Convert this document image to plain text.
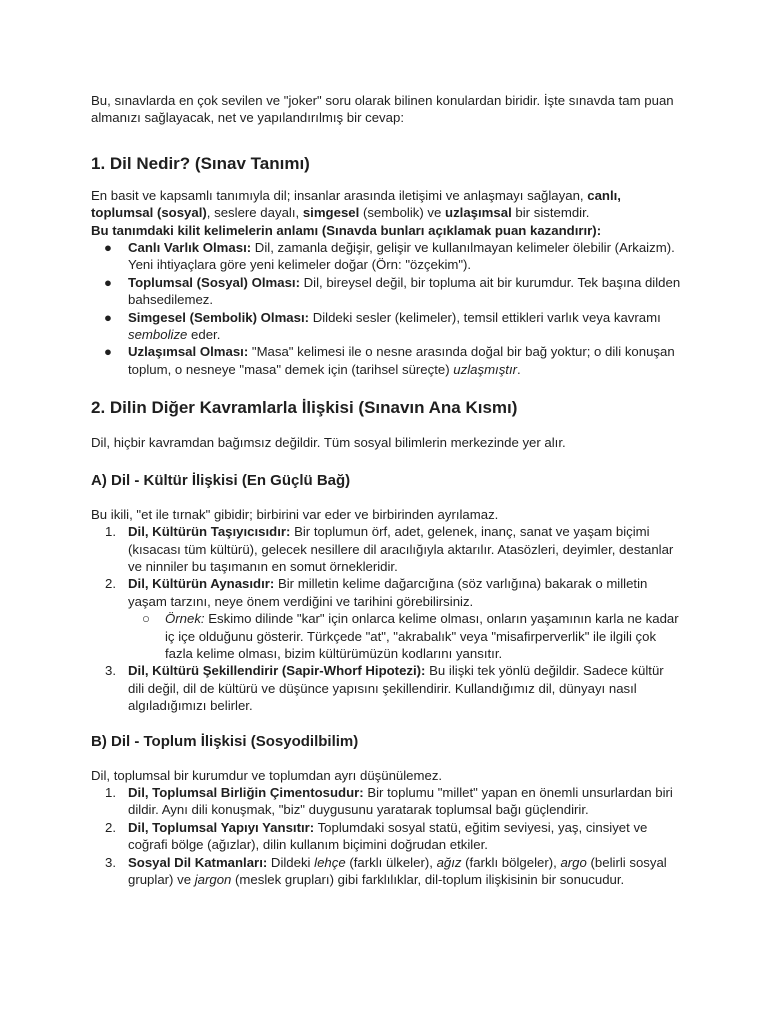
Bu, sınavlarda en çok sevilen ve "joker" soru olarak bilinen konulardan biridir. İşte sınavda tam puan almanızı sağlayacak, net ve yapılandırılmış bir cevap:

1. Dil Nedir? (Sınav Tanımı)

En basit ve kapsamlı tanımıyla dil; insanlar arasında iletişimi ve anlaşmayı sağlayan, canlı, toplumsal (sosyal), seslere dayalı, simgesel (sembolik) ve uzlaşımsal bir sistemdir.

Bu tanımdaki kilit kelimelerin anlamı (Sınavda bunları açıklamak puan kazandırır):

● Canlı Varlık Olması: Dil, zamanla değişir, gelişir ve kullanılmayan kelimeler ölebilir (Arkaizm). Yeni ihtiyaçlara göre yeni kelimeler doğar (Örn: "özçekim").
● Toplumsal (Sosyal) Olması: Dil, bireysel değil, bir topluma ait bir kurumdur. Tek başına dilden bahsedilemez.
● Simgesel (Sembolik) Olması: Dildeki sesler (kelimeler), temsil ettikleri varlık veya kavramı sembolize eder.
● Uzlaşımsal Olması: "Masa" kelimesi ile o nesne arasında doğal bir bağ yoktur; o dili konuşan toplum, o nesneye "masa" demek için (tarihsel süreçte) uzlaşmıştır.
2. Dilin Diğer Kavramlarla İlişkisi (Sınavın Ana Kısmı)

Dil, hiçbir kavramdan bağımsız değildir. Tüm sosyal bilimlerin merkezinde yer alır.

A) Dil - Kültür İlişkisi (En Güçlü Bağ)

Bu ikili, "et ile tırnak" gibidir; birbirini var eder ve birbirinden ayrılamaz.

1. Dil, Kültürün Taşıyıcısıdır: Bir toplumun örf, adet, gelenek, inanç, sanat ve yaşam biçimi (kısacası tüm kültürü), gelecek nesillere dil aracılığıyla aktarılır. Atasözleri, deyimler, destanlar ve ninniler bu taşımanın en somut örnekleridir.
2. Dil, Kültürün Aynasıdır: Bir milletin kelime dağarcığına (söz varlığına) bakarak o milletin yaşam tarzını, neye önem verdiğini ve tarihini görebilirsiniz.
○ Örnek: Eskimo dilinde "kar" için onlarca kelime olması, onların yaşamının karla ne kadar iç içe olduğunu gösterir. Türkçede "at", "akrabalık" veya "misafirperverlik" ile ilgili çok fazla kelime olması, bizim kültürümüzün kodlarını yansıtır.
3. Dil, Kültürü Şekillendirir (Sapir-Whorf Hipotezi): Bu ilişki tek yönlü değildir. Sadece kültür dili değil, dil de kültürü ve düşünce yapısını şekillendirir. Kullandığımız dil, dünyayı nasıl algıladığımızı belirler.
B) Dil - Toplum İlişkisi (Sosyodilbilim)

Dil, toplumsal bir kurumdur ve toplumdan ayrı düşünülemez.

1. Dil, Toplumsal Birliğin Çimentosudur: Bir toplumu "millet" yapan en önemli unsurlardan biri dildir. Aynı dili konuşmak, "biz" duygusunu yaratarak toplumsal bağı güçlendirir.
2. Dil, Toplumsal Yapıyı Yansıtır: Toplumdaki sosyal statü, eğitim seviyesi, yaş, cinsiyet ve coğrafi bölge (ağızlar), dilin kullanım biçimini doğrudan etkiler.
3. Sosyal Dil Katmanları: Dildeki lehçe (farklı ülkeler), ağız (farklı bölgeler), argo (belirli sosyal gruplar) ve jargon (meslek grupları) gibi farklılıklar, dil-toplum ilişkisinin bir sonucudur.
